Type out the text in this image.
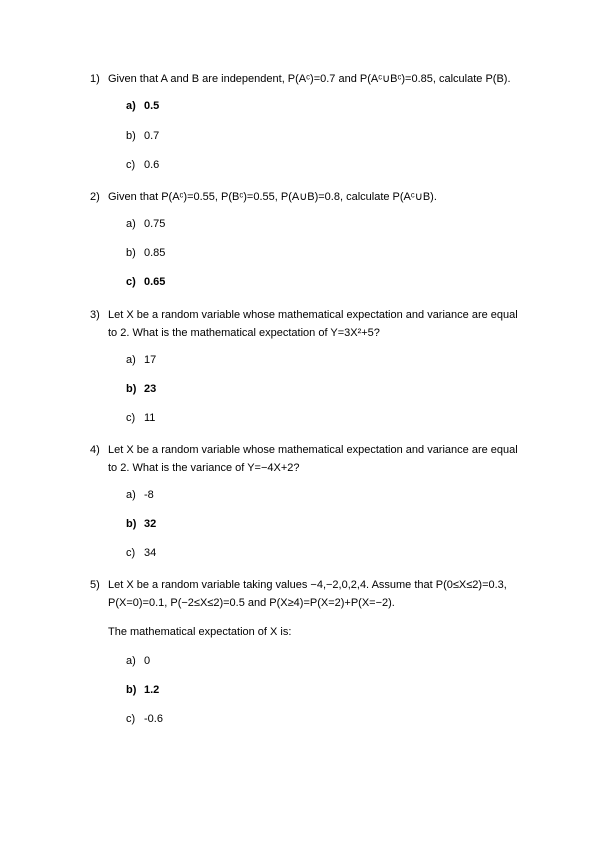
1) Given that A and B are independent, P(Aᶜ)=0.7 and P(Aᶜ∪Bᶜ)=0.85, calculate P(B).
a) 0.5
b) 0.7
c) 0.6
2) Given that P(Aᶜ)=0.55, P(Bᶜ)=0.55, P(A∪B)=0.8, calculate P(Aᶜ∪B).
a) 0.75
b) 0.85
c) 0.65
3) Let X be a random variable whose mathematical expectation and variance are equal
to 2. What is the mathematical expectation of Y=3X²+5?
a) 17
b) 23
c) 11
4) Let X be a random variable whose mathematical expectation and variance are equal
to 2. What is the variance of Y=−4X+2?
a) -8
b) 32
c) 34
5) Let X be a random variable taking values −4,−2,0,2,4. Assume that P(0≤X≤2)=0.3,
P(X=0)=0.1, P(−2≤X≤2)=0.5 and P(X≥4)=P(X=2)+P(X=−2).
The mathematical expectation of X is:
a) 0
b) 1.2
c) -0.6
